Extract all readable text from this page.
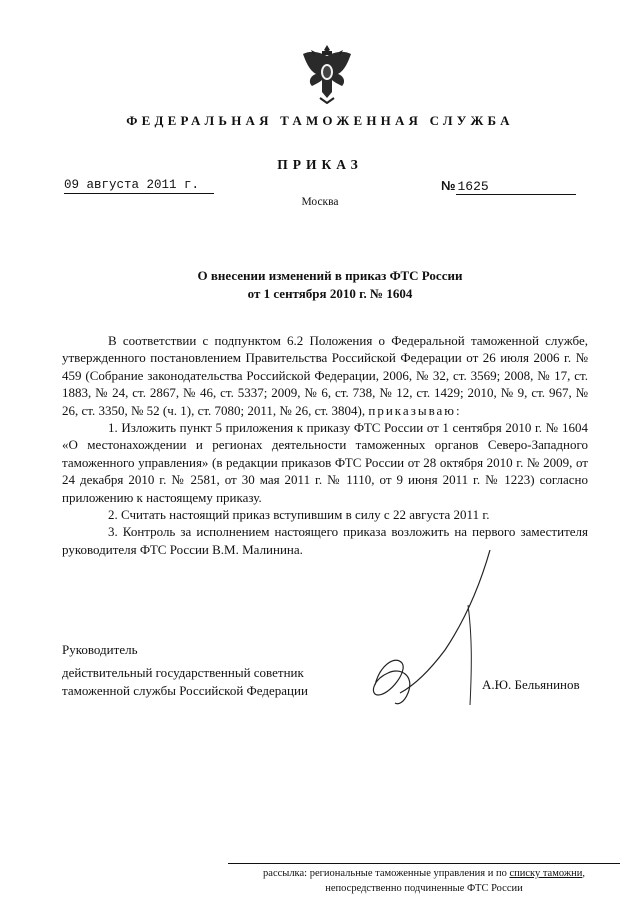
ФЕДЕРАЛЬНАЯ ТАМОЖЕННАЯ СЛУЖБА
ПРИКАЗ
09 августа 2011 г.	№ 1625
Москва
О внесении изменений в приказ ФТС России
от 1 сентября 2010 г. № 1604

В соответствии с подпунктом 6.2 Положения о Федеральной таможенной службе, утвержденного постановлением Правительства Российской Федерации от 26 июля 2006 г. № 459 (Собрание законодательства Российской Федерации, 2006, № 32, ст. 3569; 2008, № 17, ст. 1883, № 24, ст. 2867, № 46, ст. 5337; 2009, № 6, ст. 738, № 12, ст. 1429; 2010, № 9, ст. 967, № 26, ст. 3350, № 52 (ч. 1), ст. 7080; 2011, № 26, ст. 3804), приказываю:

1. Изложить пункт 5 приложения к приказу ФТС России от 1 сентября 2010 г. № 1604 «О местонахождении и регионах деятельности таможенных органов Северо-Западного таможенного управления» (в редакции приказов ФТС России от 28 октября 2010 г. № 2009, от 24 декабря 2010 г. № 2581, от 30 мая 2011 г. № 1110, от 9 июня 2011 г. № 1223) согласно приложению к настоящему приказу.

2. Считать настоящий приказ вступившим в силу с 22 августа 2011 г.

3. Контроль за исполнением настоящего приказа возложить на первого заместителя руководителя ФТС России В.М. Малинина.

Руководитель
действительный государственный советник
таможенной службы Российской Федерации	А.Ю. Бельянинов
рассылка: региональные таможенные управления и по списку таможни,
непосредственно подчиненные ФТС России
